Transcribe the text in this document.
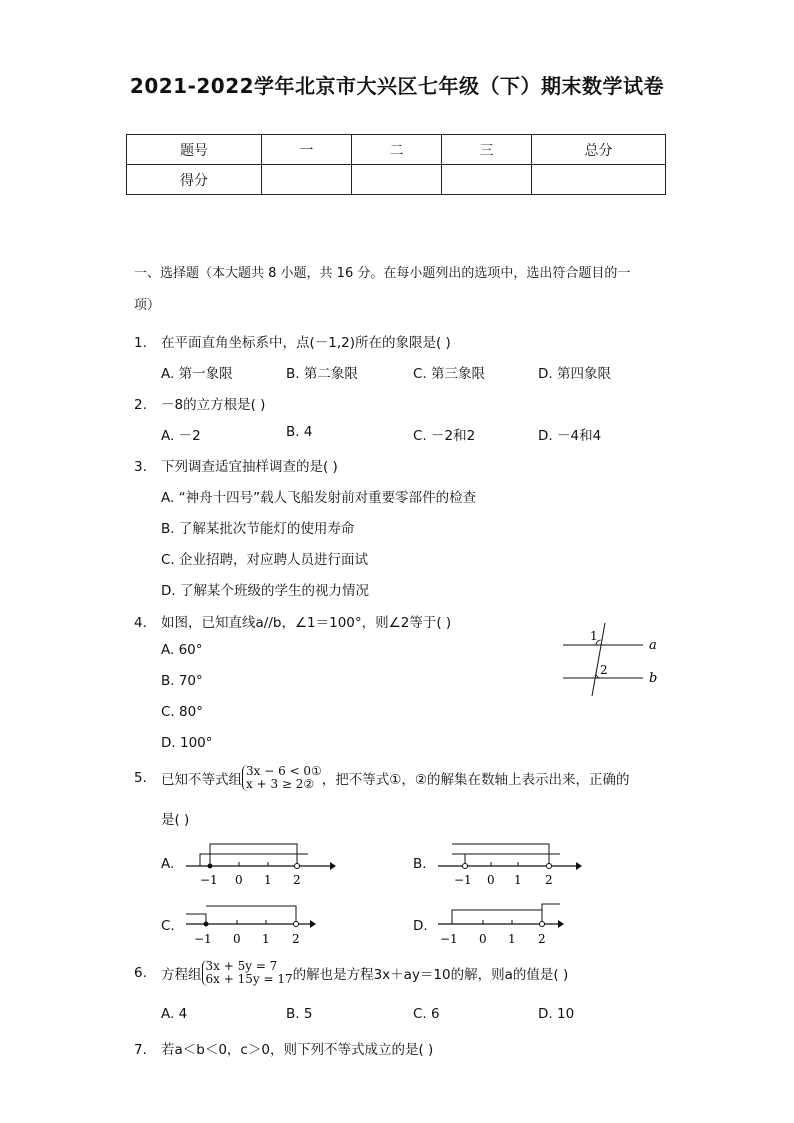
2021-2022学年北京市大兴区七年级（下）期末数学试卷
题号	一	二	三	总分
得分				
一、选择题（本大题共 8 小题，共 16 分。在每小题列出的选项中，选出符合题目的一
项）
1. 在平面直角坐标系中，点(－1,2)所在的象限是( )
A. 第一象限	B. 第二象限	C. 第三象限	D. 第四象限
2. －8的立方根是( )
A. －2	B. 4	C. －2和2	D. －4和4
3. 下列调查适宜抽样调查的是( )
A. “神舟十四号”载人飞船发射前对重要零部件的检查
B. 了解某批次节能灯的使用寿命
C. 企业招聘，对应聘人员进行面试
D. 了解某个班级的学生的视力情况
4. 如图，已知直线a//b，∠1＝100°，则∠2等于( )
A. 60°
B. 70°
C. 80°
D. 100°
1
2
a
b
5. 已知不等式组3x − 6 < 0①
x + 3 ≥ 2② ，把不等式①，②的解集在数轴上表示出来，正确的
是( )
A.
−1 0 1 2
B.
−1 0 1 2
C.
−1 0 1 2
D.
−1 0 1 2
6. 方程组3x + 5y = 7
6x + 15y = 17的解也是方程3x＋ay＝10的解，则a的值是( )
A. 4	B. 5	C. 6	D. 10
7. 若a＜b＜0，c＞0，则下列不等式成立的是( )
